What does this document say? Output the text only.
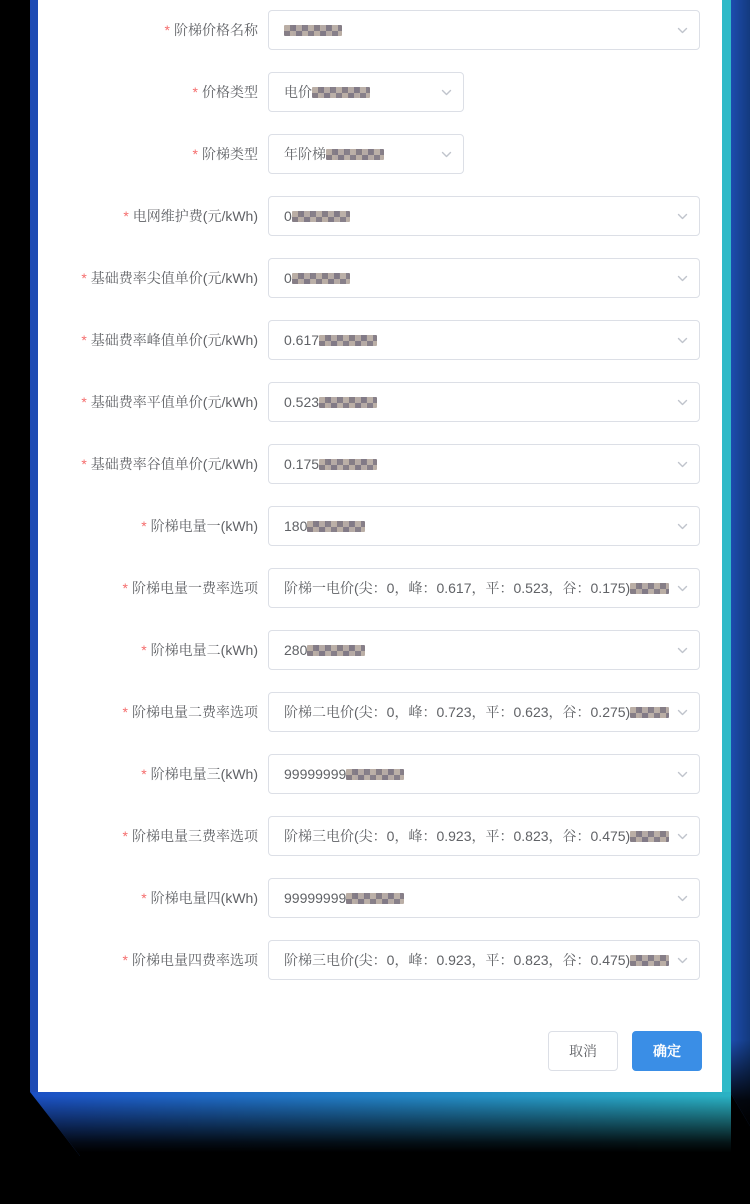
* 阶梯价格名称
* 价格类型	电价
* 阶梯类型	年阶梯
* 电网维护费(元/kWh)	0
* 基础费率尖值单价(元/kWh)	0
* 基础费率峰值单价(元/kWh)	0.617
* 基础费率平值单价(元/kWh)	0.523
* 基础费率谷值单价(元/kWh)	0.175
* 阶梯电量一(kWh)	180
* 阶梯电量一费率选项	阶梯一电价(尖：0，峰：0.617，平：0.523，谷：0.175)
* 阶梯电量二(kWh)	280
* 阶梯电量二费率选项	阶梯二电价(尖：0，峰：0.723，平：0.623，谷：0.275)
* 阶梯电量三(kWh)	99999999
* 阶梯电量三费率选项	阶梯三电价(尖：0，峰：0.923，平：0.823，谷：0.475)
* 阶梯电量四(kWh)	99999999
* 阶梯电量四费率选项	阶梯三电价(尖：0，峰：0.923，平：0.823，谷：0.475)
取消	确定
